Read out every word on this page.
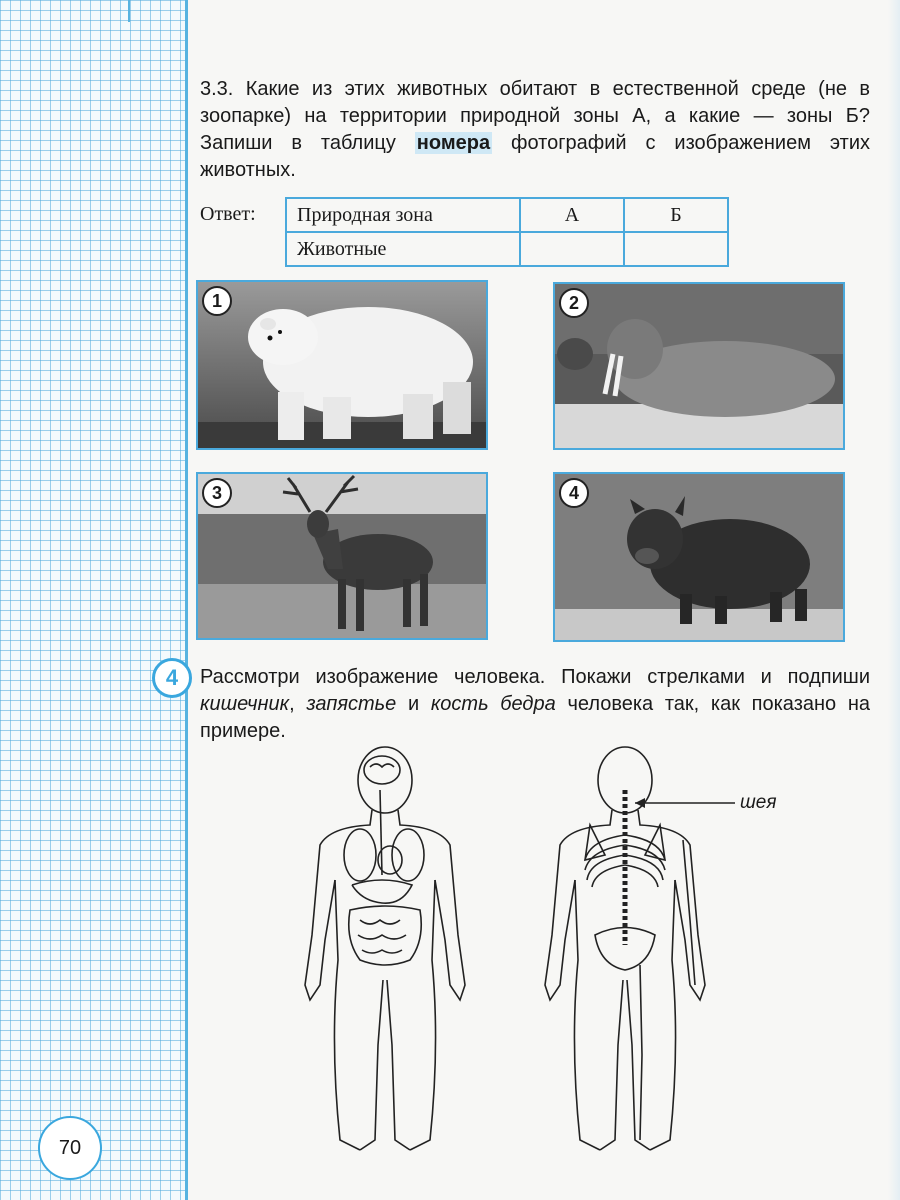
3.3. Какие из этих животных обитают в естественной среде (не в зоопарке) на территории природной зоны А, а какие — зоны Б? Запиши в таблицу номера фотографий с изображением этих животных.
Ответ: Природная зона	А	Б
Животные		
1	2
3	4
4	Рассмотри изображение человека. Покажи стрелками и подпиши кишечник, запястье и кость бедра человека так, как показано на примере.
шея
70
